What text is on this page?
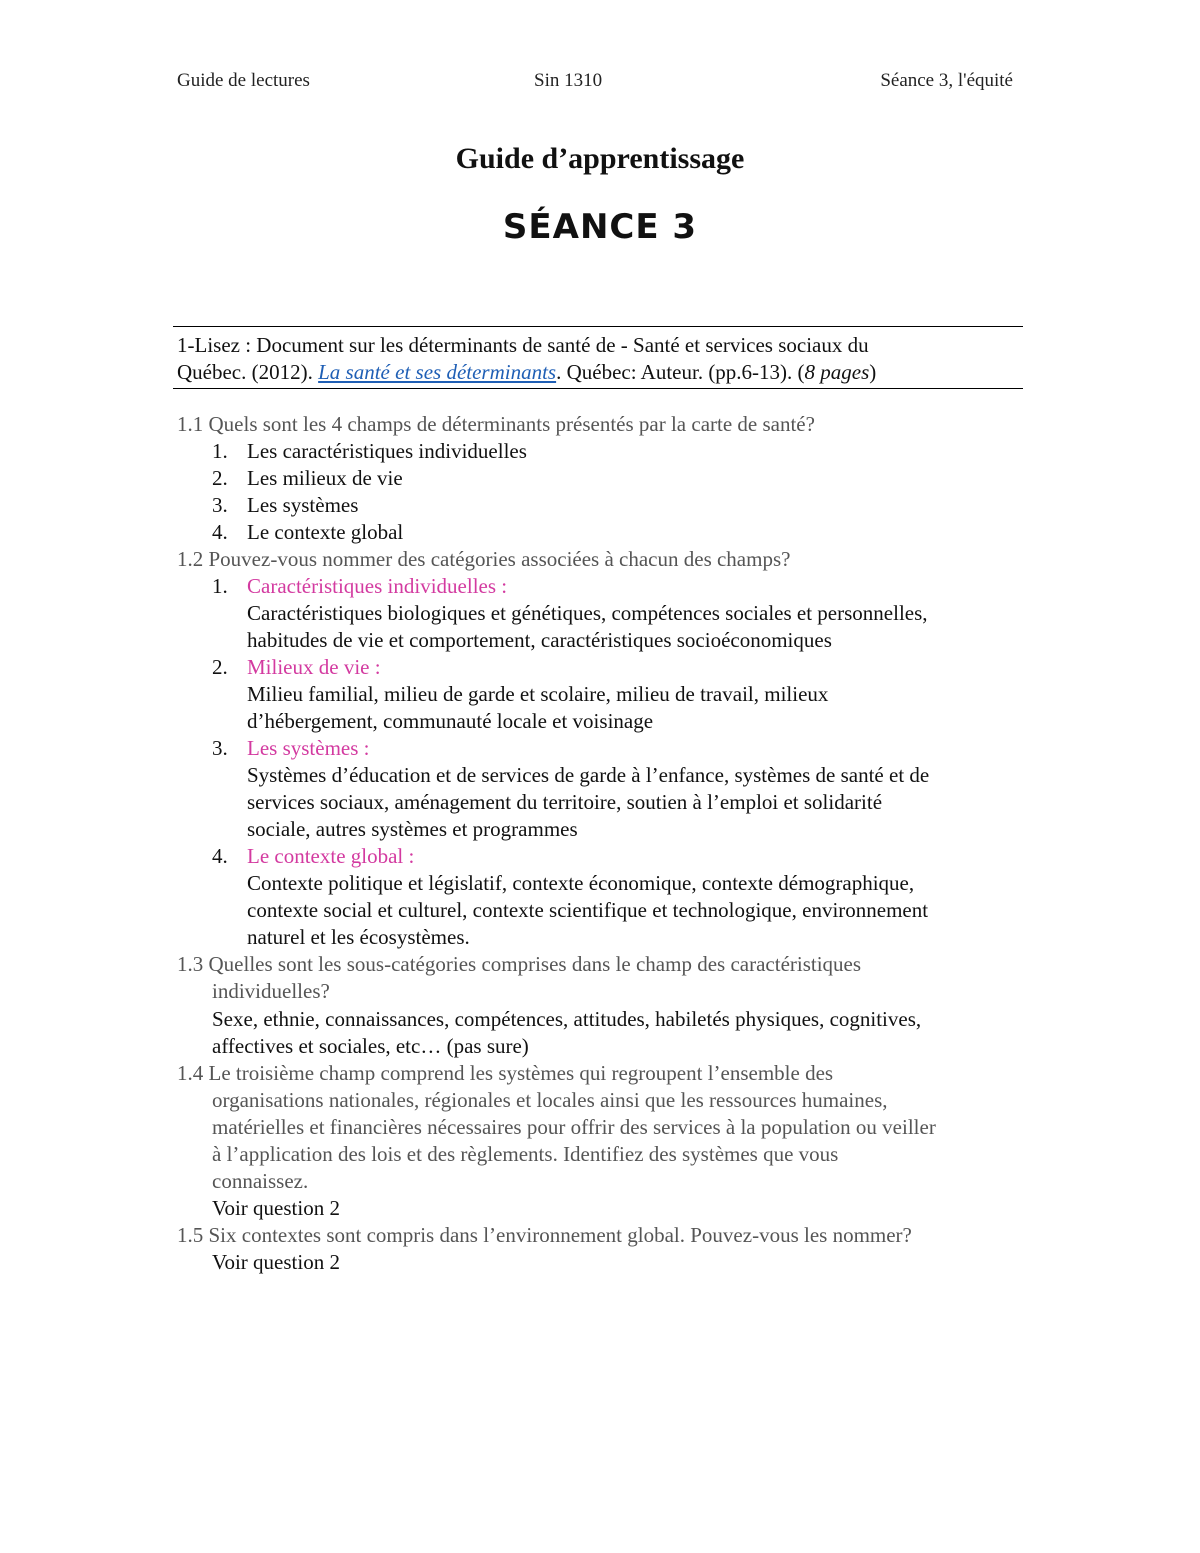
Guide de lectures	Sin 1310	Séance 3, l'équité
Guide d’apprentissage
SÉANCE 3
1-Lisez : Document sur les déterminants de santé de - Santé et services sociaux du
Québec. (2012). La santé et ses déterminants. Québec: Auteur. (pp.6-13). (8 pages)
1.1 Quels sont les 4 champs de déterminants présentés par la carte de santé?
1. Les caractéristiques individuelles
2. Les milieux de vie
3. Les systèmes
4. Le contexte global
1.2 Pouvez-vous nommer des catégories associées à chacun des champs?
1. Caractéristiques individuelles :
Caractéristiques biologiques et génétiques, compétences sociales et personnelles,
habitudes de vie et comportement, caractéristiques socioéconomiques
2. Milieux de vie :
Milieu familial, milieu de garde et scolaire, milieu de travail, milieux
d’hébergement, communauté locale et voisinage
3. Les systèmes :
Systèmes d’éducation et de services de garde à l’enfance, systèmes de santé et de
services sociaux, aménagement du territoire, soutien à l’emploi et solidarité
sociale, autres systèmes et programmes
4. Le contexte global :
Contexte politique et législatif, contexte économique, contexte démographique,
contexte social et culturel, contexte scientifique et technologique, environnement
naturel et les écosystèmes.
1.3 Quelles sont les sous-catégories comprises dans le champ des caractéristiques
individuelles?
Sexe, ethnie, connaissances, compétences, attitudes, habiletés physiques, cognitives,
affectives et sociales, etc… (pas sure)
1.4 Le troisième champ comprend les systèmes qui regroupent l’ensemble des
organisations nationales, régionales et locales ainsi que les ressources humaines,
matérielles et financières nécessaires pour offrir des services à la population ou veiller
à l’application des lois et des règlements. Identifiez des systèmes que vous
connaissez.
Voir question 2
1.5 Six contextes sont compris dans l’environnement global. Pouvez-vous les nommer?
Voir question 2
